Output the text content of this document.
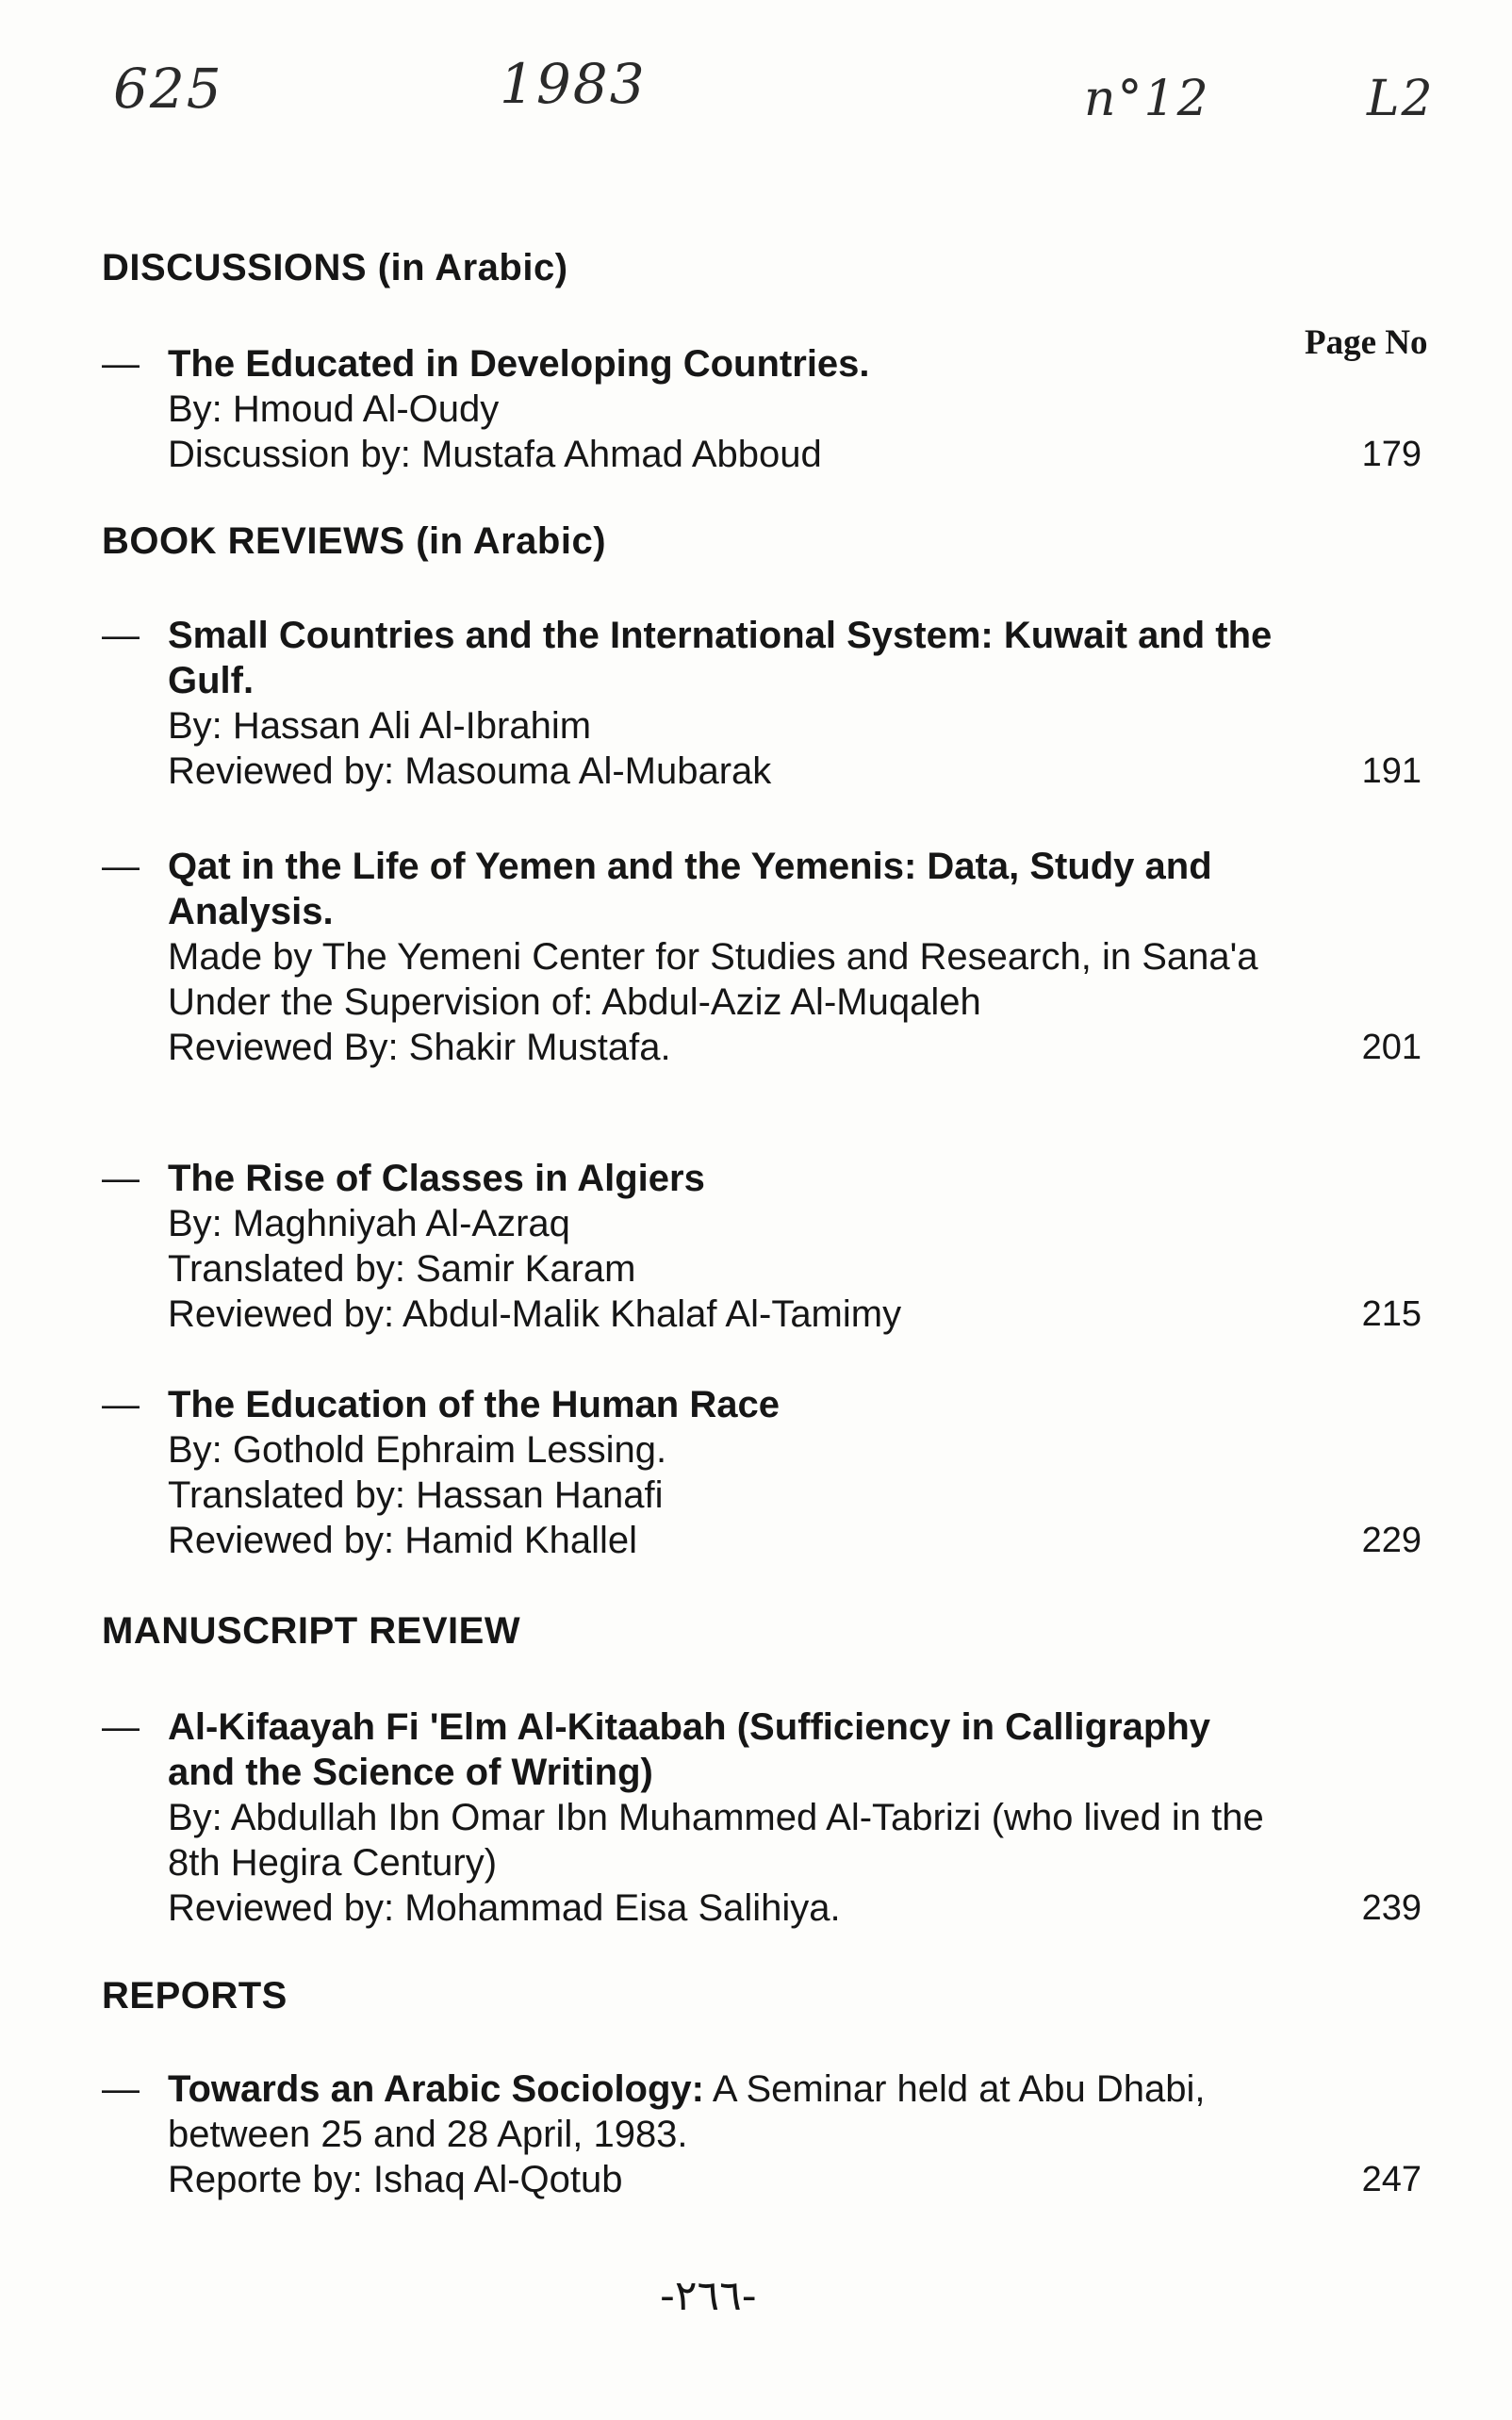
625	1983	n°12	L2
Page No
DISCUSSIONS (in Arabic)
— The Educated in Developing Countries.
By: Hmoud Al-Oudy
Discussion by: Mustafa Ahmad Abboud	179
BOOK REVIEWS (in Arabic)
— Small Countries and the International System: Kuwait and the Gulf.
By: Hassan Ali Al-Ibrahim
Reviewed by: Masouma Al-Mubarak	191
— Qat in the Life of Yemen and the Yemenis: Data, Study and Analysis.
Made by The Yemeni Center for Studies and Research, in Sana'a
Under the Supervision of: Abdul-Aziz Al-Muqaleh
Reviewed By: Shakir Mustafa.	201
— The Rise of Classes in Algiers
By: Maghniyah Al-Azraq
Translated by: Samir Karam
Reviewed by: Abdul-Malik Khalaf Al-Tamimy	215
— The Education of the Human Race
By: Gothold Ephraim Lessing.
Translated by: Hassan Hanafi
Reviewed by: Hamid Khallel	229
MANUSCRIPT REVIEW
— Al-Kifaayah Fi 'Elm Al-Kitaabah (Sufficiency in Calligraphy and the Science of Writing)
By: Abdullah Ibn Omar Ibn Muhammed Al-Tabrizi (who lived in the 8th Hegira Century)
Reviewed by: Mohammad Eisa Salihiya.	239
REPORTS
— Towards an Arabic Sociology: A Seminar held at Abu Dhabi, between 25 and 28 April, 1983.
Reporte by: Ishaq Al-Qotub	247
-٢٦٦-
